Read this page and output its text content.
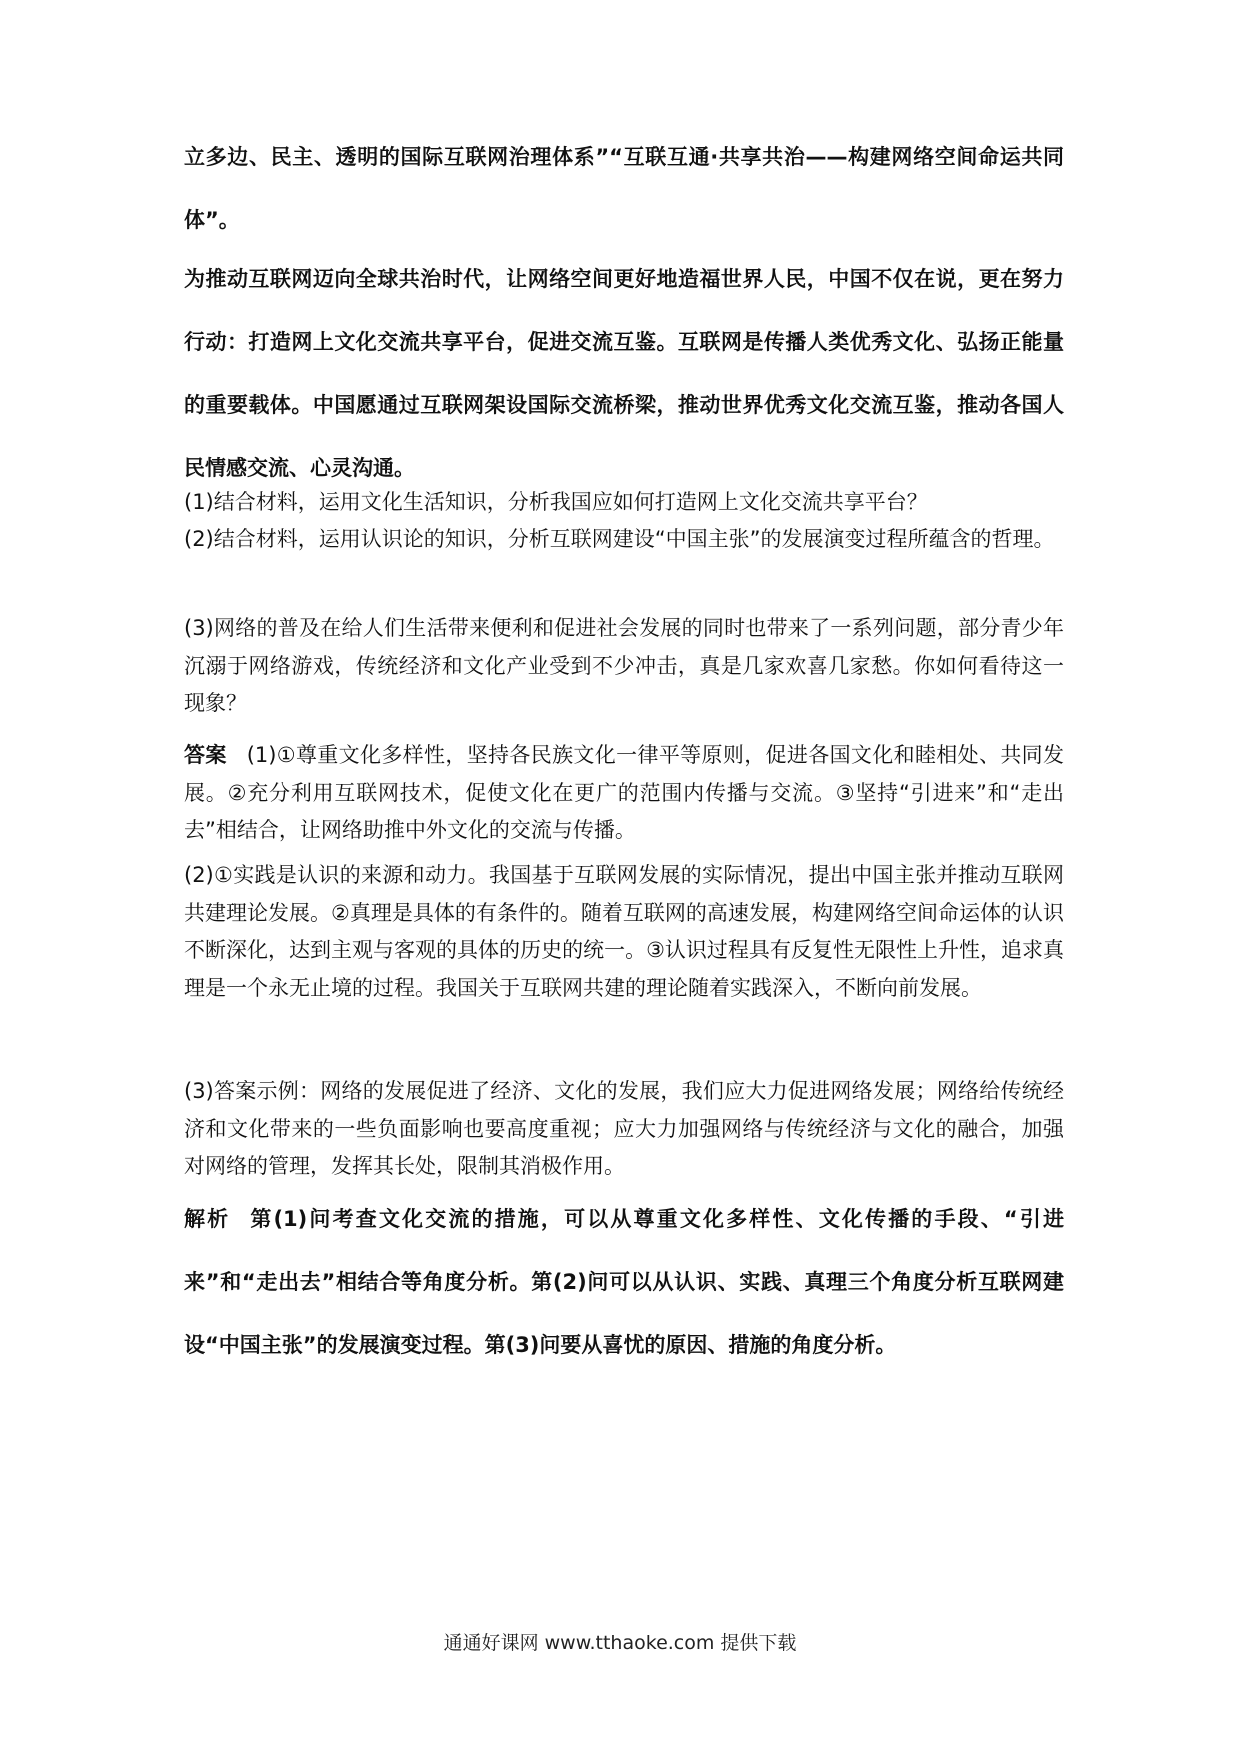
立多边、民主、透明的国际互联网治理体系”“互联互通·共享共治——构建网络空间命运共同体”。

为推动互联网迈向全球共治时代，让网络空间更好地造福世界人民，中国不仅在说，更在努力行动：打造网上文化交流共享平台，促进交流互鉴。互联网是传播人类优秀文化、弘扬正能量的重要载体。中国愿通过互联网架设国际交流桥梁，推动世界优秀文化交流互鉴，推动各国人民情感交流、心灵沟通。

(1)结合材料，运用文化生活知识，分析我国应如何打造网上文化交流共享平台？

(2)结合材料，运用认识论的知识，分析互联网建设“中国主张”的发展演变过程所蕴含的哲理。

(3)网络的普及在给人们生活带来便利和促进社会发展的同时也带来了一系列问题，部分青少年沉溺于网络游戏，传统经济和文化产业受到不少冲击，真是几家欢喜几家愁。你如何看待这一现象？

答案 (1)①尊重文化多样性，坚持各民族文化一律平等原则，促进各国文化和睦相处、共同发展。②充分利用互联网技术，促使文化在更广的范围内传播与交流。③坚持“引进来”和“走出去”相结合，让网络助推中外文化的交流与传播。

(2)①实践是认识的来源和动力。我国基于互联网发展的实际情况，提出中国主张并推动互联网共建理论发展。②真理是具体的有条件的。随着互联网的高速发展，构建网络空间命运体的认识不断深化，达到主观与客观的具体的历史的统一。③认识过程具有反复性无限性上升性，追求真理是一个永无止境的过程。我国关于互联网共建的理论随着实践深入，不断向前发展。

(3)答案示例：网络的发展促进了经济、文化的发展，我们应大力促进网络发展；网络给传统经济和文化带来的一些负面影响也要高度重视；应大力加强网络与传统经济与文化的融合，加强对网络的管理，发挥其长处，限制其消极作用。

解析 第(1)问考查文化交流的措施，可以从尊重文化多样性、文化传播的手段、“引进来”和“走出去”相结合等角度分析。第(2)问可以从认识、实践、真理三个角度分析互联网建设“中国主张”的发展演变过程。第(3)问要从喜忧的原因、措施的角度分析。

通通好课网 www.tthaoke.com 提供下载
